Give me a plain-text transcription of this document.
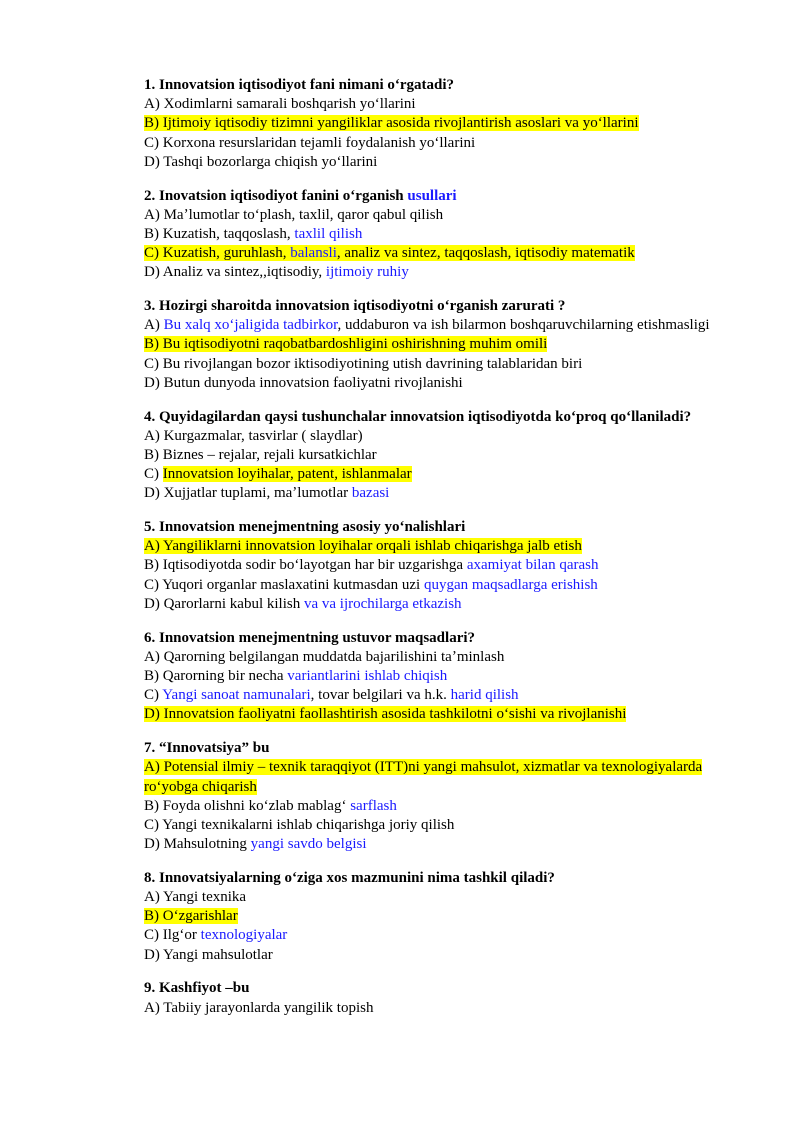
1. Innovatsion iqtisodiyot fani nimani oʻrgatadi?
A) Xodimlarni samarali boshqarish yoʻllarini
B) Ijtimoiy iqtisodiy tizimni yangiliklar asosida rivojlantirish asoslari va yoʻllarini
C) Korxona resurslaridan tejamli foydalanish yoʻllarini
D) Tashqi bozorlarga chiqish yoʻllarini
2. Inovatsion iqtisodiyot fanini oʻrganish usullari
A) Maʼlumotlar toʻplash, taxlil, qaror qabul qilish
B) Kuzatish, taqqoslash, taxlil qilish
C) Kuzatish, guruhlash, balansli, analiz va sintez, taqqoslash, iqtisodiy matematik
D) Analiz va sintez,,iqtisodiy, ijtimoiy ruhiy
3. Hozirgi sharoitda innovatsion iqtisodiyotni oʻrganish zarurati ?
A) Bu xalq xoʻjaligida tadbirkor, uddaburon va ish bilarmon boshqaruvchilarning etishmasligi
B) Bu iqtisodiyotni raqobatbardoshligini oshirishning muhim omili
C) Bu rivojlangan bozor iktisodiyotining utish davrining talablaridan biri
D) Butun dunyoda innovatsion faoliyatni rivojlanishi
4. Quyidagilardan qaysi tushunchalar innovatsion iqtisodiyotda koʻproq qoʻllaniladi?
A) Kurgazmalar, tasvirlar ( slaydlar)
B) Biznes – rejalar, rejali kursatkichlar
C) Innovatsion loyihalar, patent, ishlanmalar
D) Xujjatlar tuplami, maʼlumotlar bazasi
5. Innovatsion menejmentning asosiy yoʻnalishlari
A) Yangiliklarni innovatsion loyihalar orqali ishlab chiqarishga jalb etish
B) Iqtisodiyotda sodir boʻlayotgan har bir uzgarishga axamiyat bilan qarash
C) Yuqori organlar maslaxatini kutmasdan uzi quygan maqsadlarga erishish
D) Qarorlarni kabul kilish va va ijrochilarga etkazish
6. Innovatsion menejmentning ustuvor maqsadlari?
A) Qarorning belgilangan muddatda bajarilishini taʼminlash
B) Qarorning bir necha variantlarini ishlab chiqish
C) Yangi sanoat namunalari, tovar belgilari va h.k. harid qilish
D) Innovatsion faoliyatni faollashtirish asosida tashkilotni oʻsishi va rivojlanishi
7. “Innovatsiya” bu
A) Potensial ilmiy – texnik taraqqiyot (ITT)ni yangi mahsulot, xizmatlar va texnologiyalarda roʻyobga chiqarish
B) Foyda olishni koʻzlab mablagʻ sarflash
C) Yangi texnikalarni ishlab chiqarishga joriy qilish
D) Mahsulotning yangi savdo belgisi
8. Innovatsiyalarning oʻziga xos mazmunini nima tashkil qiladi?
A) Yangi texnika
B) Oʻzgarishlar
C) Ilgʻor texnologiyalar
D) Yangi mahsulotlar
9. Kashfiyot –bu
A) Tabiiy jarayonlarda yangilik topish
